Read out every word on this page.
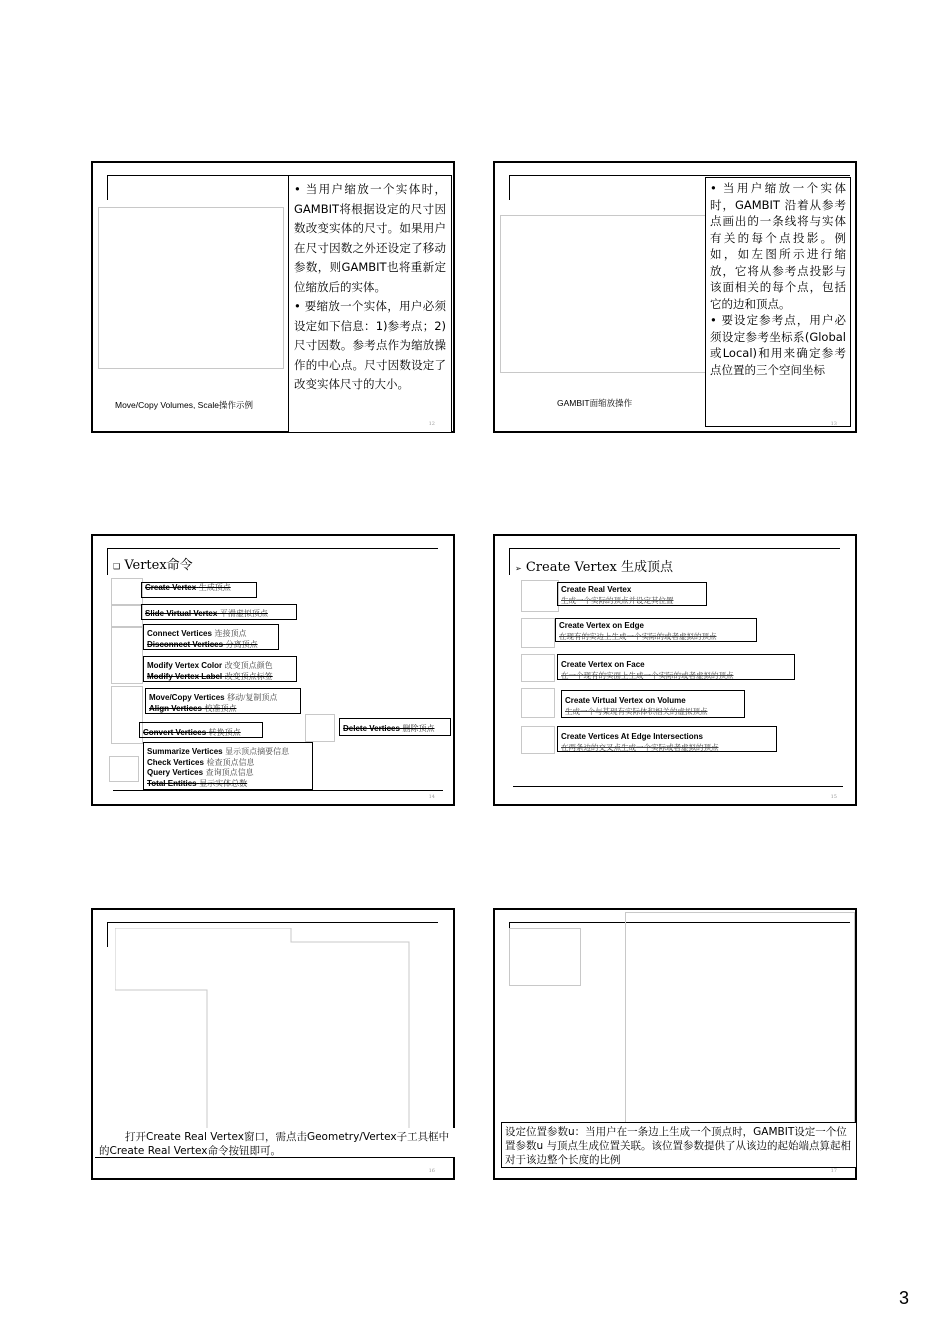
Move/Copy Volumes, Scale操作示例

• 当用户缩放一个实体时，GAMBIT将根据设定的尺寸因数改变实体的尺寸。如果用户在尺寸因数之外还设定了移动参数，则GAMBIT也将重新定位缩放后的实体。

• 要缩放一个实体，用户必须设定如下信息：1)参考点；2) 尺寸因数。参考点作为缩放操作的中心点。尺寸因数设定了改变实体尺寸的大小。

12
GAMBIT面缩放操作

• 当用户缩放一个实体时，GAMBIT 沿着从参考点画出的一条线将与实体有关的每个点投影。例如，如左图所示进行缩放，它将从参考点投影与该面相关的每个点，包括它的边和顶点。

• 要设定参考点，用户必须设定参考坐标系(Global或Local)和用来确定参考点位置的三个空间坐标

13
❑ Vertex命令
Create Vertex 生成顶点
Slide Virtual Vertex 平滑虚拟顶点
Connect Vertices 连接顶点
Disconnect Vertices 分离顶点
Modify Vertex Color 改变顶点颜色
Modify Vertex Label 改变顶点标签
Move/Copy Vertices 移动/复制顶点
Align Vertices 校准顶点
Convert Vertices 转换顶点	Delete Vertices 删除顶点
Summarize Vertices 显示顶点摘要信息
Check Vertices 检查顶点信息
Query Vertices 查询顶点信息
Total Entities 显示实体总数
14
➢ Create Vertex 生成顶点
Create Real Vertex
生成一个实际的顶点并设定其位置
Create Vertex on Edge
在现有的实边上生成一个实际的或者虚拟的顶点
Create Vertex on Face
在一个现有的实面上生成一个实际的或者虚拟的顶点
Create Virtual Vertex on Volume
生成一个与某现有实际体积相关的虚拟顶点
Create Vertices At Edge Intersections
在两条边的交叉点生成一个实际或者虚拟的顶点
15

打开Create Real Vertex窗口，需点击Geometry/Vertex子工具框中的Create Real Vertex命令按钮即可。

16

设定位置参数u：当用户在一条边上生成一个顶点时，GAMBIT设定一个位置参数u 与顶点生成位置关联。该位置参数提供了从该边的起始端点算起相对于该边整个长度的比例

17
3
